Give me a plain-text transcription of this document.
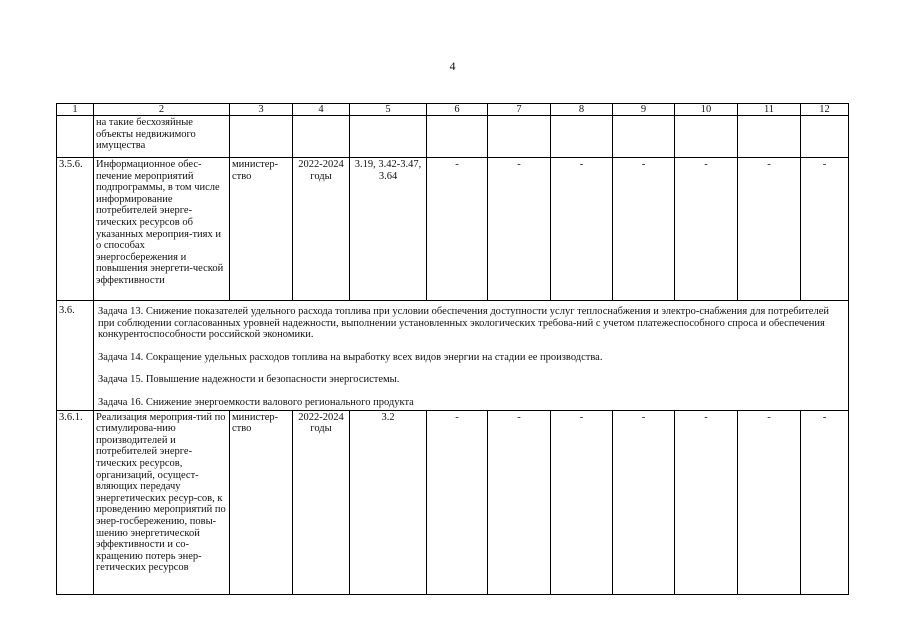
4
1	2	3	4	5	6	7	8	9	10	11	12
	на такие бесхозяйные объекты недвижимого имущества										
3.5.6.	Информационное обес-печение мероприятий подпрограммы, в том числе информирование потребителей энерге-тических ресурсов об указанных мероприя-тиях и о способах энергосбережения и повышения энергети-ческой эффективности	министер-ство	2022-2024 годы	3.19, 3.42-3.47, 3.64	-	-	-	-	-	-	-
3.6.	Задача 13. Снижение показателей удельного расхода топлива при условии обеспечения доступности услуг теплоснабжения и электро-снабжения для потребителей при соблюдении согласованных уровней надежности, выполнении установленных экологических требова-ний с учетом платежеспособного спроса и обеспечения конкурентоспособности российской экономики.
Задача 14. Сокращение удельных расходов топлива на выработку всех видов энергии на стадии ее производства.
Задача 15. Повышение надежности и безопасности энергосистемы.
Задача 16. Снижение энергоемкости валового регионального продукта										

3.6.1.	Реализация мероприя-тий по стимулирова-нию производителей и потребителей энерге-тических ресурсов, организаций, осущест-вляющих передачу энергетических ресур-сов, к проведению мероприятий по энер-госбережению, повы-шению энергетической эффективности и со-кращению потерь энер-гетических ресурсов	министер-ство	2022-2024 годы	3.2	-	-	-	-	-	-	-
